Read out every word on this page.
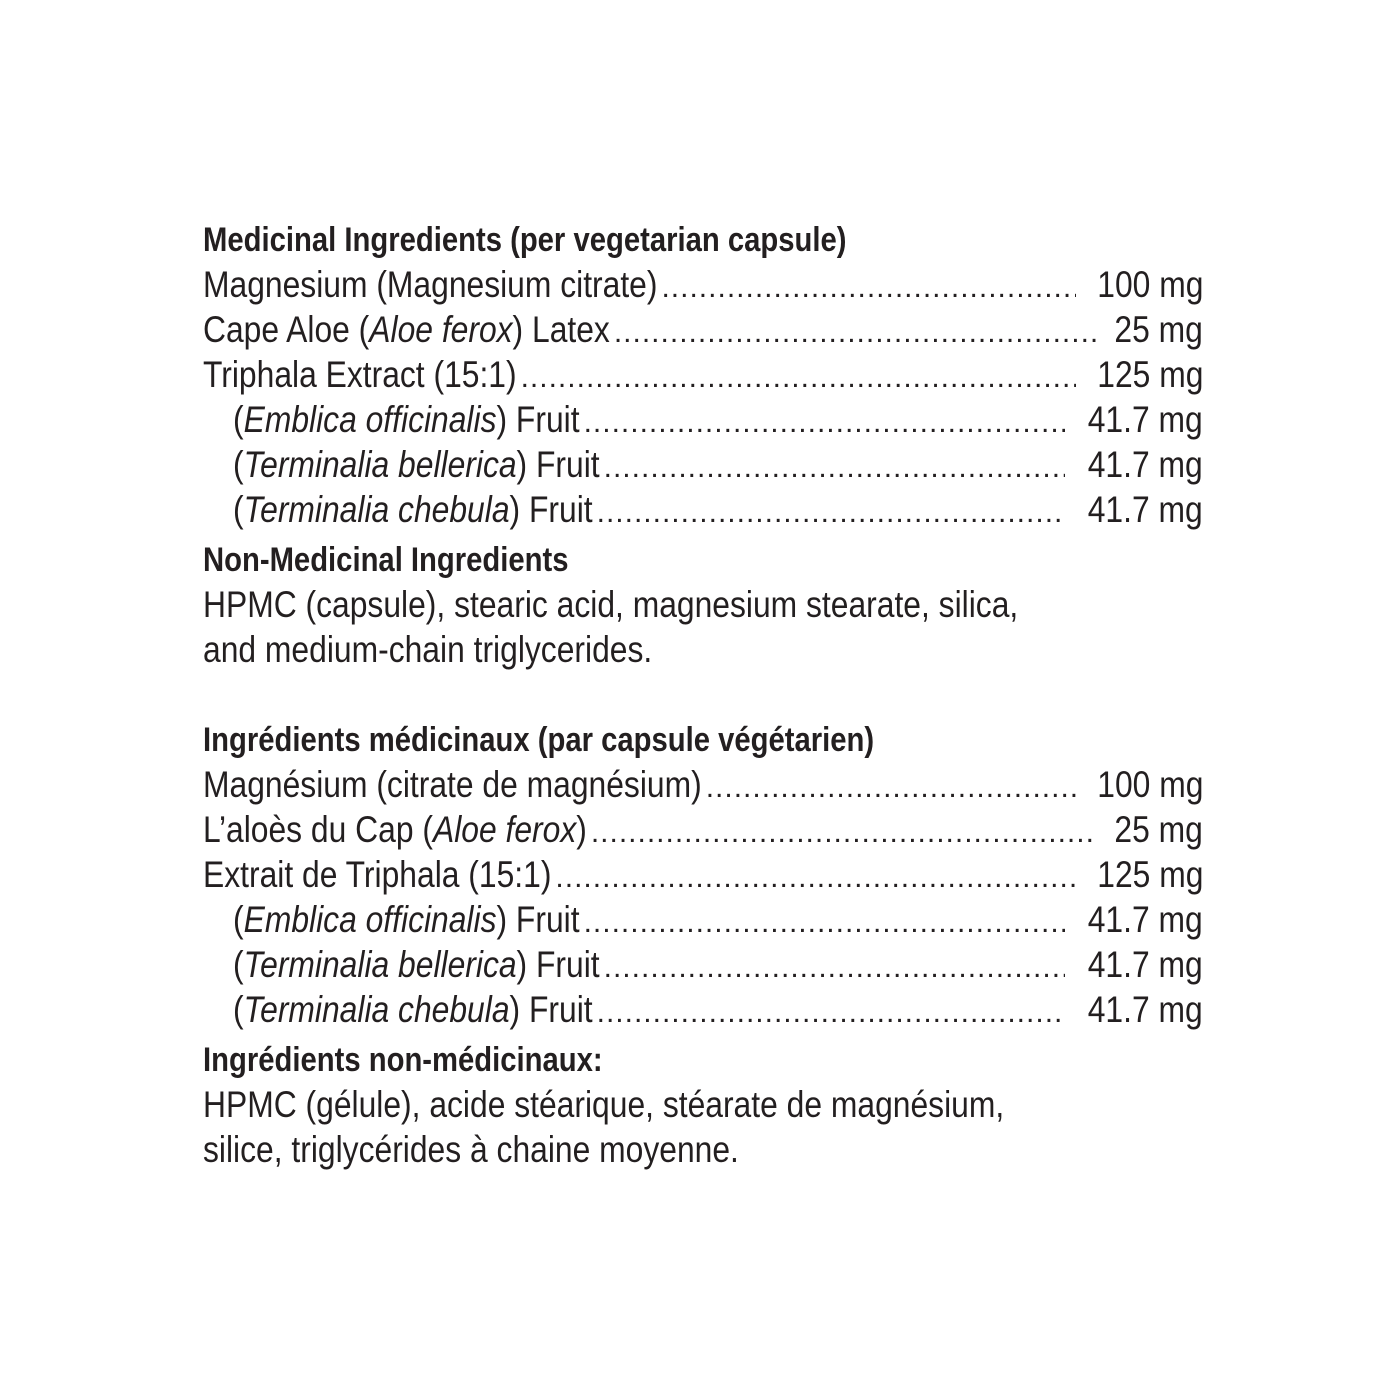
Medicinal Ingredients (per vegetarian capsule)
Magnesium (Magnesium citrate) .....	100 mg
Cape Aloe (Aloe ferox) Latex .....	25 mg
Triphala Extract (15:1) .....	125 mg
(Emblica officinalis) Fruit .....	41.7 mg
(Terminalia bellerica) Fruit .....	41.7 mg
(Terminalia chebula) Fruit .....	41.7 mg
Non-Medicinal Ingredients

HPMC (capsule), stearic acid, magnesium stearate, silica,
and medium-chain triglycerides.

Ingrédients médicinaux (par capsule végétarien)
Magnésium (citrate de magnésium) .....	100 mg
L’aloès du Cap (Aloe ferox) .....	25 mg
Extrait de Triphala (15:1) .....	125 mg
(Emblica officinalis) Fruit .....	41.7 mg
(Terminalia bellerica) Fruit .....	41.7 mg
(Terminalia chebula) Fruit .....	41.7 mg
Ingrédients non-médicinaux:

HPMC (gélule), acide stéarique, stéarate de magnésium,
silice, triglycérides à chaine moyenne.
